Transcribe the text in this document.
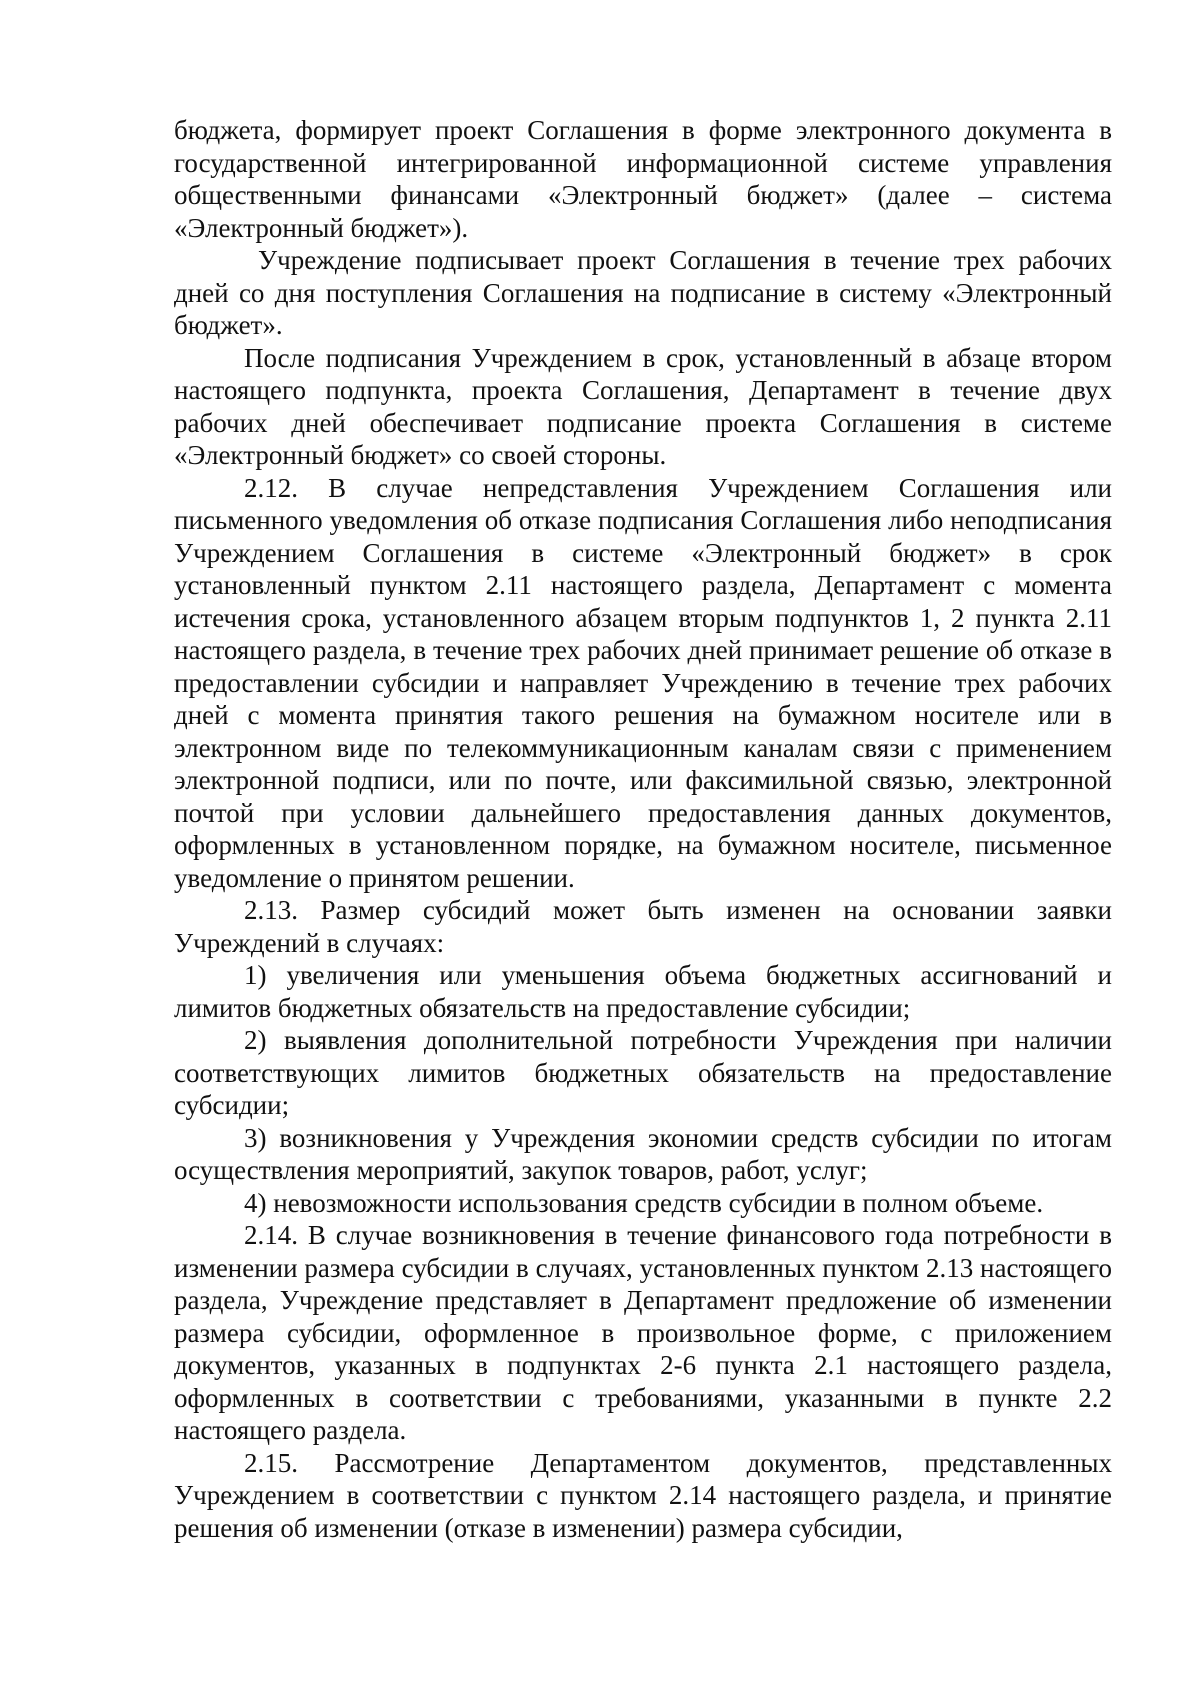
бюджета, формирует проект Соглашения в форме электронного документа в государственной интегрированной информационной системе управления общественными финансами «Электронный бюджет» (далее – система «Электронный бюджет»).

Учреждение подписывает проект Соглашения в течение трех рабочих дней со дня поступления Соглашения на подписание в систему «Электронный бюджет».

После подписания Учреждением в срок, установленный в абзаце втором настоящего подпункта, проекта Соглашения, Департамент в течение двух рабочих дней обеспечивает подписание проекта Соглашения в системе «Электронный бюджет» со своей стороны.

2.12. В случае непредставления Учреждением Соглашения или письменного уведомления об отказе подписания Соглашения либо неподписания Учреждением Соглашения в системе «Электронный бюджет» в срок установленный пунктом 2.11 настоящего раздела, Департамент с момента истечения срока, установленного абзацем вторым подпунктов 1, 2 пункта 2.11 настоящего раздела, в течение трех рабочих дней принимает решение об отказе в предоставлении субсидии и направляет Учреждению в течение трех рабочих дней с момента принятия такого решения на бумажном носителе или в электронном виде по телекоммуникационным каналам связи с применением электронной подписи, или по почте, или факсимильной связью, электронной почтой при условии дальнейшего предоставления данных документов, оформленных в установленном порядке, на бумажном носителе, письменное уведомление о принятом решении.

2.13. Размер субсидий может быть изменен на основании заявки Учреждений в случаях:

1) увеличения или уменьшения объема бюджетных ассигнований и лимитов бюджетных обязательств на предоставление субсидии;

2) выявления дополнительной потребности Учреждения при наличии соответствующих лимитов бюджетных обязательств на предоставление субсидии;

3) возникновения у Учреждения экономии средств субсидии по итогам осуществления мероприятий, закупок товаров, работ, услуг;

4) невозможности использования средств субсидии в полном объеме.

2.14. В случае возникновения в течение финансового года потребности в изменении размера субсидии в случаях, установленных пунктом 2.13 настоящего раздела, Учреждение представляет в Департамент предложение об изменении размера субсидии, оформленное в произвольное форме, с приложением документов, указанных в подпунктах 2-6 пункта 2.1 настоящего раздела, оформленных в соответствии с требованиями, указанными в пункте 2.2 настоящего раздела.

2.15. Рассмотрение Департаментом документов, представленных Учреждением в соответствии с пунктом 2.14 настоящего раздела, и принятие решения об изменении (отказе в изменении) размера субсидии,
